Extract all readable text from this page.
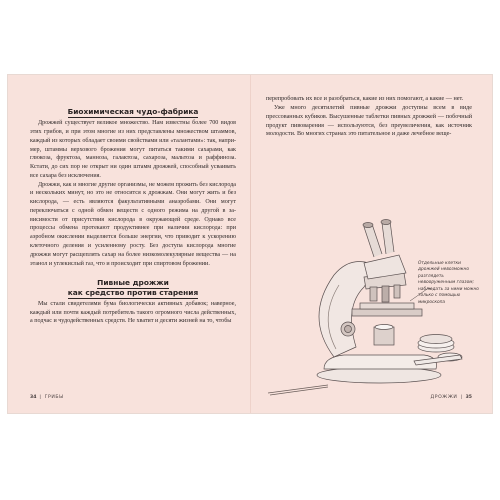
Биохимическая чудо-фабрика

Дрожжей существует великое множество. Нам известны более 700 видов этих грибов, и при этом многие из них представлены множеством штаммов, каждый из которых обладает своими свойствами или «талантами»: так, например, штаммы верхового брожения могут питаться такими сахарами, как глюкоза, фруктоза, манноза, галактоза, сахароза, мальтоза и раффиноза. Кстати, до сих пор не открыт ни один штамм дрожжей, способный усваивать все сахара без исключения.

Дрожжи, как и многие другие организмы, не можем прожить без кислорода и нескольких минут, но это не относится к дрожжам. Они могут жить и без кислорода, — есть являются факультативными анаэробами. Они могут переключаться с одной обмен веществ с одного режима на другой в зависимости от присутствия кислорода в окружающей среде. Однако все процессы обмена протекают продуктивнее при наличии кислорода: при аэробном окислении выделяется больше энергии, что приводит к ускорению клеточного деления и усиленному росту. Без доступа кислорода многие дрожжи могут расщеплять сахар на более низкомолекулярные вещества — на этанол и углекислый газ, что и происходит при спиртовом брожении.

Пивные дрожжи
как средство против старения

Мы стали свидетелями бума биологически активных добавок; наверное, каждый или почти каждый потребитель такого огромного числа действенных, а подчас и чудодейственных средств. Не хватит и десяти жизней на то, чтобы

34 | ГРИБЫ

перепробовать их все и разобраться, какие из них помогают, а какие — нет.

Уже много десятилетий пивные дрожжи доступны всем в виде прессованных кубиков. Высушенные таблетки пивных дрожжей — побочный продукт пивоварения — используются, без преувеличения, как источник молодости. Во многих странах это питательное и даже лечебное веще-

Отдельные клетки дрожжей невозможно разглядеть невооруженным глазом; наблюдать за ними можно только с помощью микроскопа
ДРОЖЖИ | 35
